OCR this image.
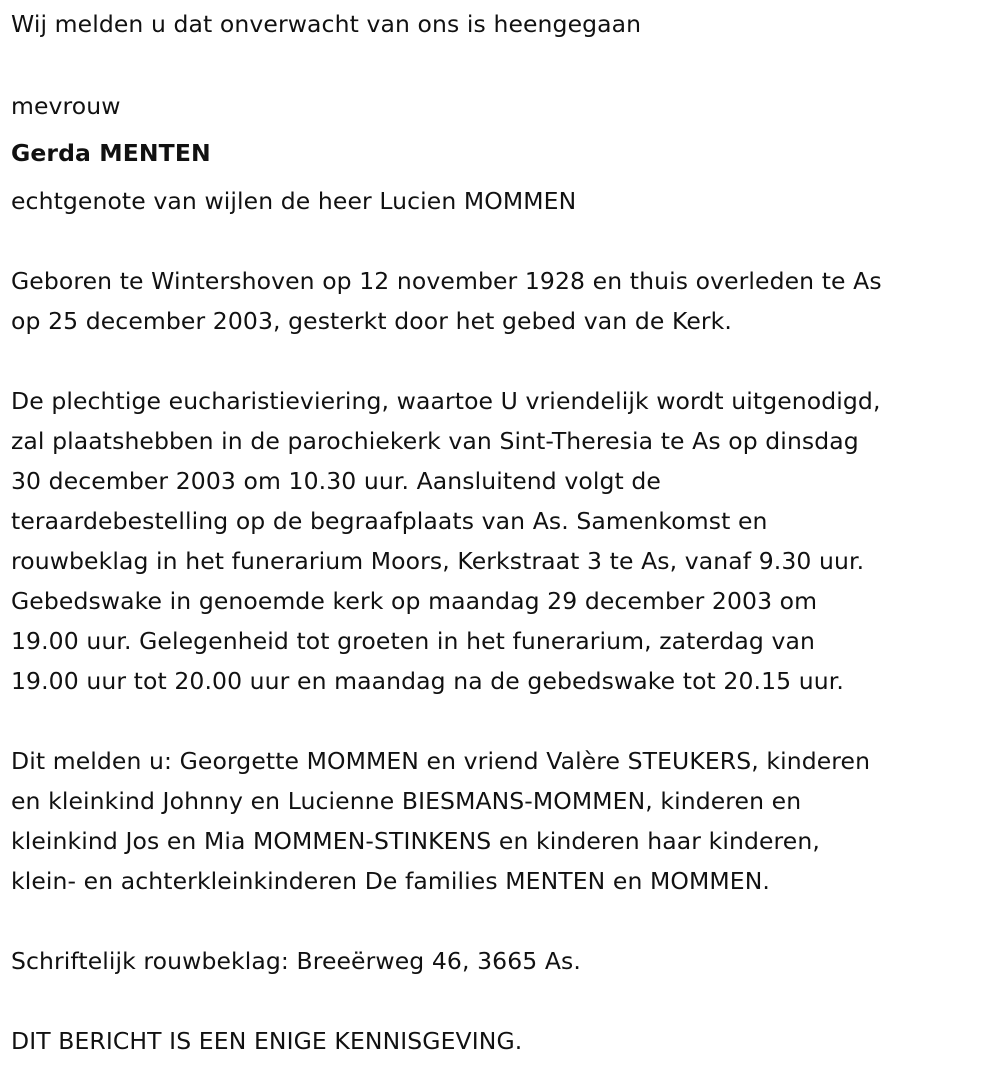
Wij melden u dat onverwacht van ons is heengegaan
mevrouw
Gerda MENTEN
echtgenote van wijlen de heer Lucien MOMMEN
Geboren te Wintershoven op 12 november 1928 en thuis overleden te As
op 25 december 2003, gesterkt door het gebed van de Kerk.
De plechtige eucharistieviering, waartoe U vriendelijk wordt uitgenodigd,
zal plaatshebben in de parochiekerk van Sint-Theresia te As op dinsdag
30 december 2003 om 10.30 uur. Aansluitend volgt de
teraardebestelling op de begraafplaats van As. Samenkomst en
rouwbeklag in het funerarium Moors, Kerkstraat 3 te As, vanaf 9.30 uur.
Gebedswake in genoemde kerk op maandag 29 december 2003 om
19.00 uur. Gelegenheid tot groeten in het funerarium, zaterdag van
19.00 uur tot 20.00 uur en maandag na de gebedswake tot 20.15 uur.
Dit melden u: Georgette MOMMEN en vriend Valère STEUKERS, kinderen
en kleinkind Johnny en Lucienne BIESMANS-MOMMEN, kinderen en
kleinkind Jos en Mia MOMMEN-STINKENS en kinderen haar kinderen,
klein- en achterkleinkinderen De families MENTEN en MOMMEN.
Schriftelijk rouwbeklag: Breeërweg 46, 3665 As.
DIT BERICHT IS EEN ENIGE KENNISGEVING.
